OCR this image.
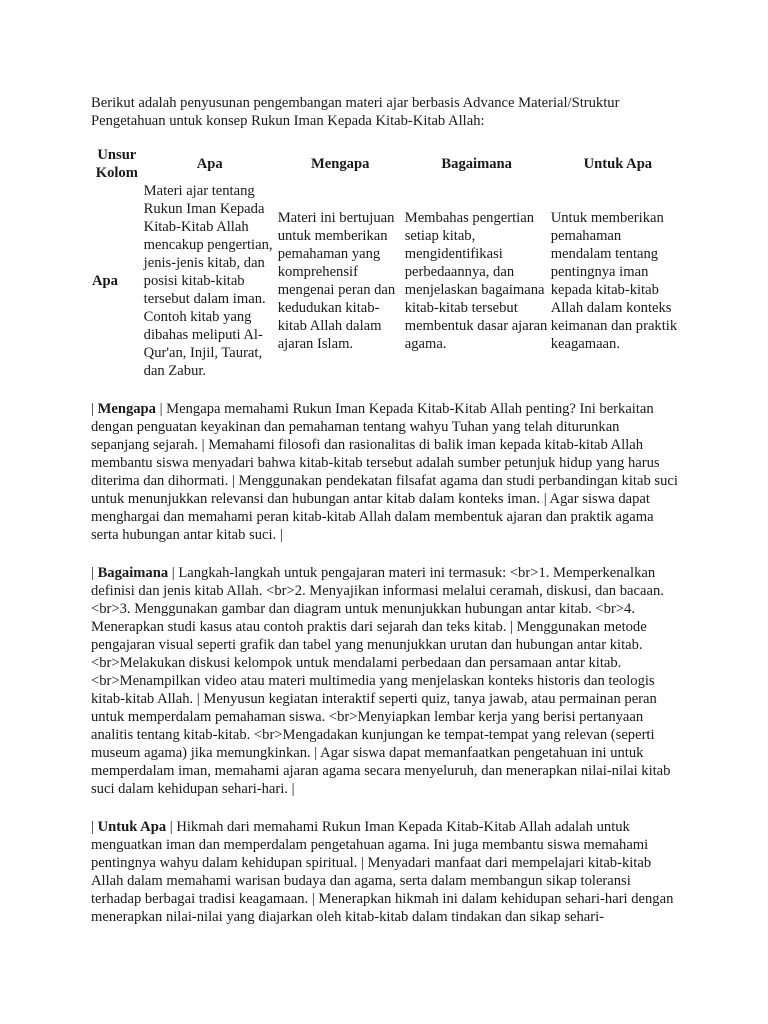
Berikut adalah penyusunan pengembangan materi ajar berbasis Advance Material/Struktur Pengetahuan untuk konsep Rukun Iman Kepada Kitab-Kitab Allah:

Unsur Kolom	Apa	Mengapa	Bagaimana	Untuk Apa
Apa	Materi ajar tentang Rukun Iman Kepada Kitab-Kitab Allah mencakup pengertian, jenis-jenis kitab, dan posisi kitab-kitab tersebut dalam iman. Contoh kitab yang dibahas meliputi Al-Qur'an, Injil, Taurat, dan Zabur.	Materi ini bertujuan untuk memberikan pemahaman yang komprehensif mengenai peran dan kedudukan kitab-kitab Allah dalam ajaran Islam.	Membahas pengertian setiap kitab, mengidentifikasi perbedaannya, dan menjelaskan bagaimana kitab-kitab tersebut membentuk dasar ajaran agama.	Untuk memberikan pemahaman mendalam tentang pentingnya iman kepada kitab-kitab Allah dalam konteks keimanan dan praktik keagamaan.

| Mengapa | Mengapa memahami Rukun Iman Kepada Kitab-Kitab Allah penting? Ini berkaitan dengan penguatan keyakinan dan pemahaman tentang wahyu Tuhan yang telah diturunkan sepanjang sejarah. | Memahami filosofi dan rasionalitas di balik iman kepada kitab-kitab Allah membantu siswa menyadari bahwa kitab-kitab tersebut adalah sumber petunjuk hidup yang harus diterima dan dihormati. | Menggunakan pendekatan filsafat agama dan studi perbandingan kitab suci untuk menunjukkan relevansi dan hubungan antar kitab dalam konteks iman. | Agar siswa dapat menghargai dan memahami peran kitab-kitab Allah dalam membentuk ajaran dan praktik agama serta hubungan antar kitab suci. |

| Bagaimana | Langkah-langkah untuk pengajaran materi ini termasuk: <br>1. Memperkenalkan definisi dan jenis kitab Allah. <br>2. Menyajikan informasi melalui ceramah, diskusi, dan bacaan. <br>3. Menggunakan gambar dan diagram untuk menunjukkan hubungan antar kitab. <br>4. Menerapkan studi kasus atau contoh praktis dari sejarah dan teks kitab. | Menggunakan metode pengajaran visual seperti grafik dan tabel yang menunjukkan urutan dan hubungan antar kitab. <br>Melakukan diskusi kelompok untuk mendalami perbedaan dan persamaan antar kitab. <br>Menampilkan video atau materi multimedia yang menjelaskan konteks historis dan teologis kitab-kitab Allah. | Menyusun kegiatan interaktif seperti quiz, tanya jawab, atau permainan peran untuk memperdalam pemahaman siswa. <br>Menyiapkan lembar kerja yang berisi pertanyaan analitis tentang kitab-kitab. <br>Mengadakan kunjungan ke tempat-tempat yang relevan (seperti museum agama) jika memungkinkan. | Agar siswa dapat memanfaatkan pengetahuan ini untuk memperdalam iman, memahami ajaran agama secara menyeluruh, dan menerapkan nilai-nilai kitab suci dalam kehidupan sehari-hari. |

| Untuk Apa | Hikmah dari memahami Rukun Iman Kepada Kitab-Kitab Allah adalah untuk menguatkan iman dan memperdalam pengetahuan agama. Ini juga membantu siswa memahami pentingnya wahyu dalam kehidupan spiritual. | Menyadari manfaat dari mempelajari kitab-kitab Allah dalam memahami warisan budaya dan agama, serta dalam membangun sikap toleransi terhadap berbagai tradisi keagamaan. | Menerapkan hikmah ini dalam kehidupan sehari-hari dengan menerapkan nilai-nilai yang diajarkan oleh kitab-kitab dalam tindakan dan sikap sehari-
